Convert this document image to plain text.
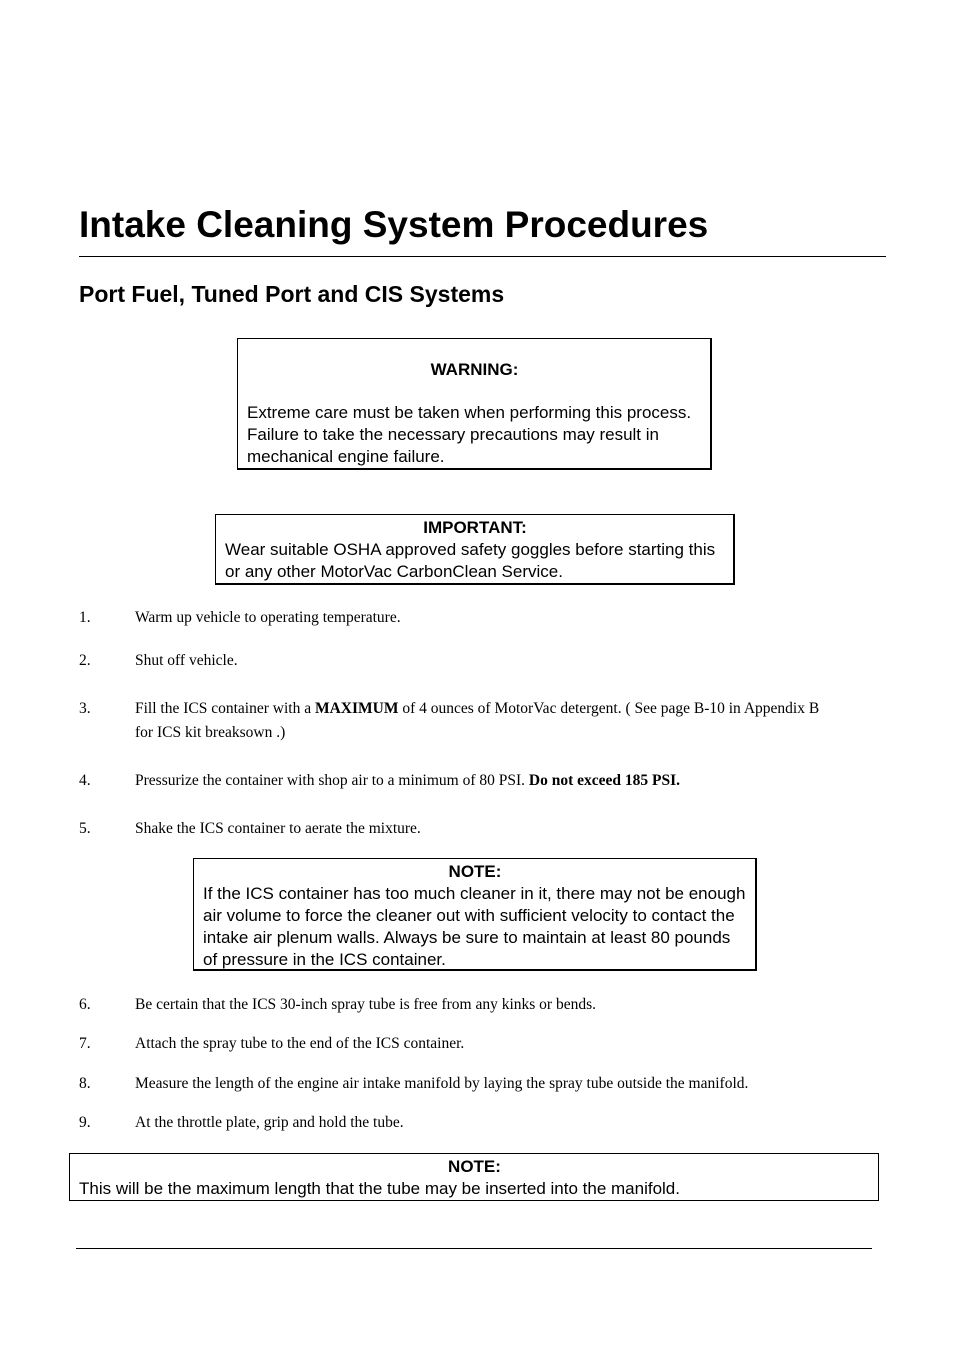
Intake Cleaning System Procedures
Port Fuel, Tuned Port and CIS Systems
WARNING:
Extreme care must be taken when performing this process. Failure to take the necessary precautions may result in mechanical engine failure.
IMPORTANT:
Wear suitable OSHA approved safety goggles before starting this or any other MotorVac CarbonClean Service.
1.	Warm up vehicle to operating temperature.
2.	Shut off vehicle.
3.	Fill the ICS container with a MAXIMUM of 4 ounces of MotorVac detergent. ( See page B-10 in Appendix B for ICS kit breaksown .)
4.	Pressurize the container with shop air to a minimum of 80 PSI. Do not exceed 185 PSI.
5.	Shake the ICS container to aerate the mixture.
NOTE:
If the ICS container has too much cleaner in it, there may not be enough air volume to force the cleaner out with sufficient velocity to contact the intake air plenum walls. Always be sure to maintain at least 80 pounds of pressure in the ICS container.
6.	Be certain that the ICS 30-inch spray tube is free from any kinks or bends.
7.	Attach the spray tube to the end of the ICS container.
8.	Measure the length of the engine air intake manifold by laying the spray tube outside the manifold.
9.	At the throttle plate, grip and hold the tube.
NOTE:
This will be the maximum length that the tube may be inserted into the manifold.
